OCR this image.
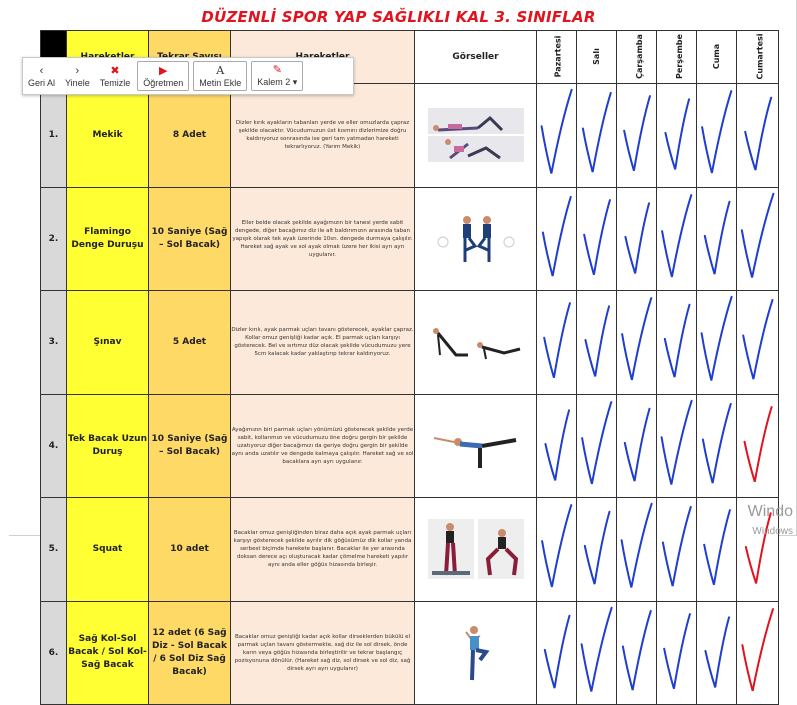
DÜZENLİ SPOR YAP SAĞLIKLI KAL 3. SINIFLAR
				Görseller	Pazartesi	Salı	Çarşamba	Perşembe	Cuma	Cumartesi
1.	Mekik	8 Adet	Dizler kırık ayakların tabanları yerde ve eller omuzlarda çapraz şekilde olacaktır. Vücudumuzun üst kısmını dizlerimize doğru kaldırıyoruz sonrasında ise geri tam yatmadan hareketi tekrarlıyoruz. (Yarım Mekik)	

2.	Flamingo Denge Duruşu	10 Saniye (Sağ – Sol Bacak)	Eller belde olacak şekilde ayağımızın bir tanesi yerde sabit dengede, diğer bacağımız diz ile alt baldırımızın arasında taban yapışık olarak tek ayak üzerinde 10sn. dengede durmaya çalışılır. Hareket sağ ayak ve sol ayak olmak üzere her ikisi ayrı ayrı uygulanır.	

3.	Şınav	5 Adet	Dizler kırılı, ayak parmak uçları tavanı gösterecek, ayaklar çapraz. Kollar omuz genişliği kadar açık. El parmak uçları karşıyı gösterecek. Bel ve sırtımız düz olacak şekilde vücudumuzu yere 5cm kalacak kadar yaklaştırıp tekrar kaldırıyoruz.	

4.	Tek Bacak Uzun Duruş	10 Saniye (Sağ – Sol Bacak)	Ayağımızın biri parmak uçları yönümüzü gösterecek şekilde yerde sabit, kollarımızı ve vücudumuzu öne doğru gergin bir şekilde uzatıyoruz diğer bacağımızı da geriye doğru gergin bir şekilde aynı anda uzatılır ve dengede kalmaya çalışılır. Hareket sağ ve sol bacaklara ayrı ayrı uygulanır.	

5.	Squat	10 adet	Bacaklar omuz genişliğinden biraz daha açık ayak parmak uçları karşıyı gösterecek şekilde ayrılır dik göğüsümüz dik kollar yanda serbest biçimde harekete başlanır. Bacaklar ile yer arasında doksan derece açı oluşturacak kadar çömelme hareketi yapılır aynı anda eller göğüs hizasında birleşir.	

6.	Sağ Kol-Sol Bacak / Sol Kol-Sağ Bacak	12 adet (6 Sağ Diz - Sol Bacak / 6 Sol Diz Sağ Bacak)	Bacaklar omuz genişliği kadar açık kollar dirseklerden bükülü el parmak uçları tavanı göstermekte, sağ diz ile sol dirsek, önde karın veya göğüs hizasında birleştirilir ve tekrar başlangıç pozisyonuna dönülür. (Hareket sağ diz, sol dirsek ve sol diz, sağ dirsek ayrı ayrı uygulanır)	

‹
Geri Al
›
Yinele
✖
Temizle
▶
Öğretmen
A
Metin Ekle
✎
Kalem 2 ▾
Windo
Windows
